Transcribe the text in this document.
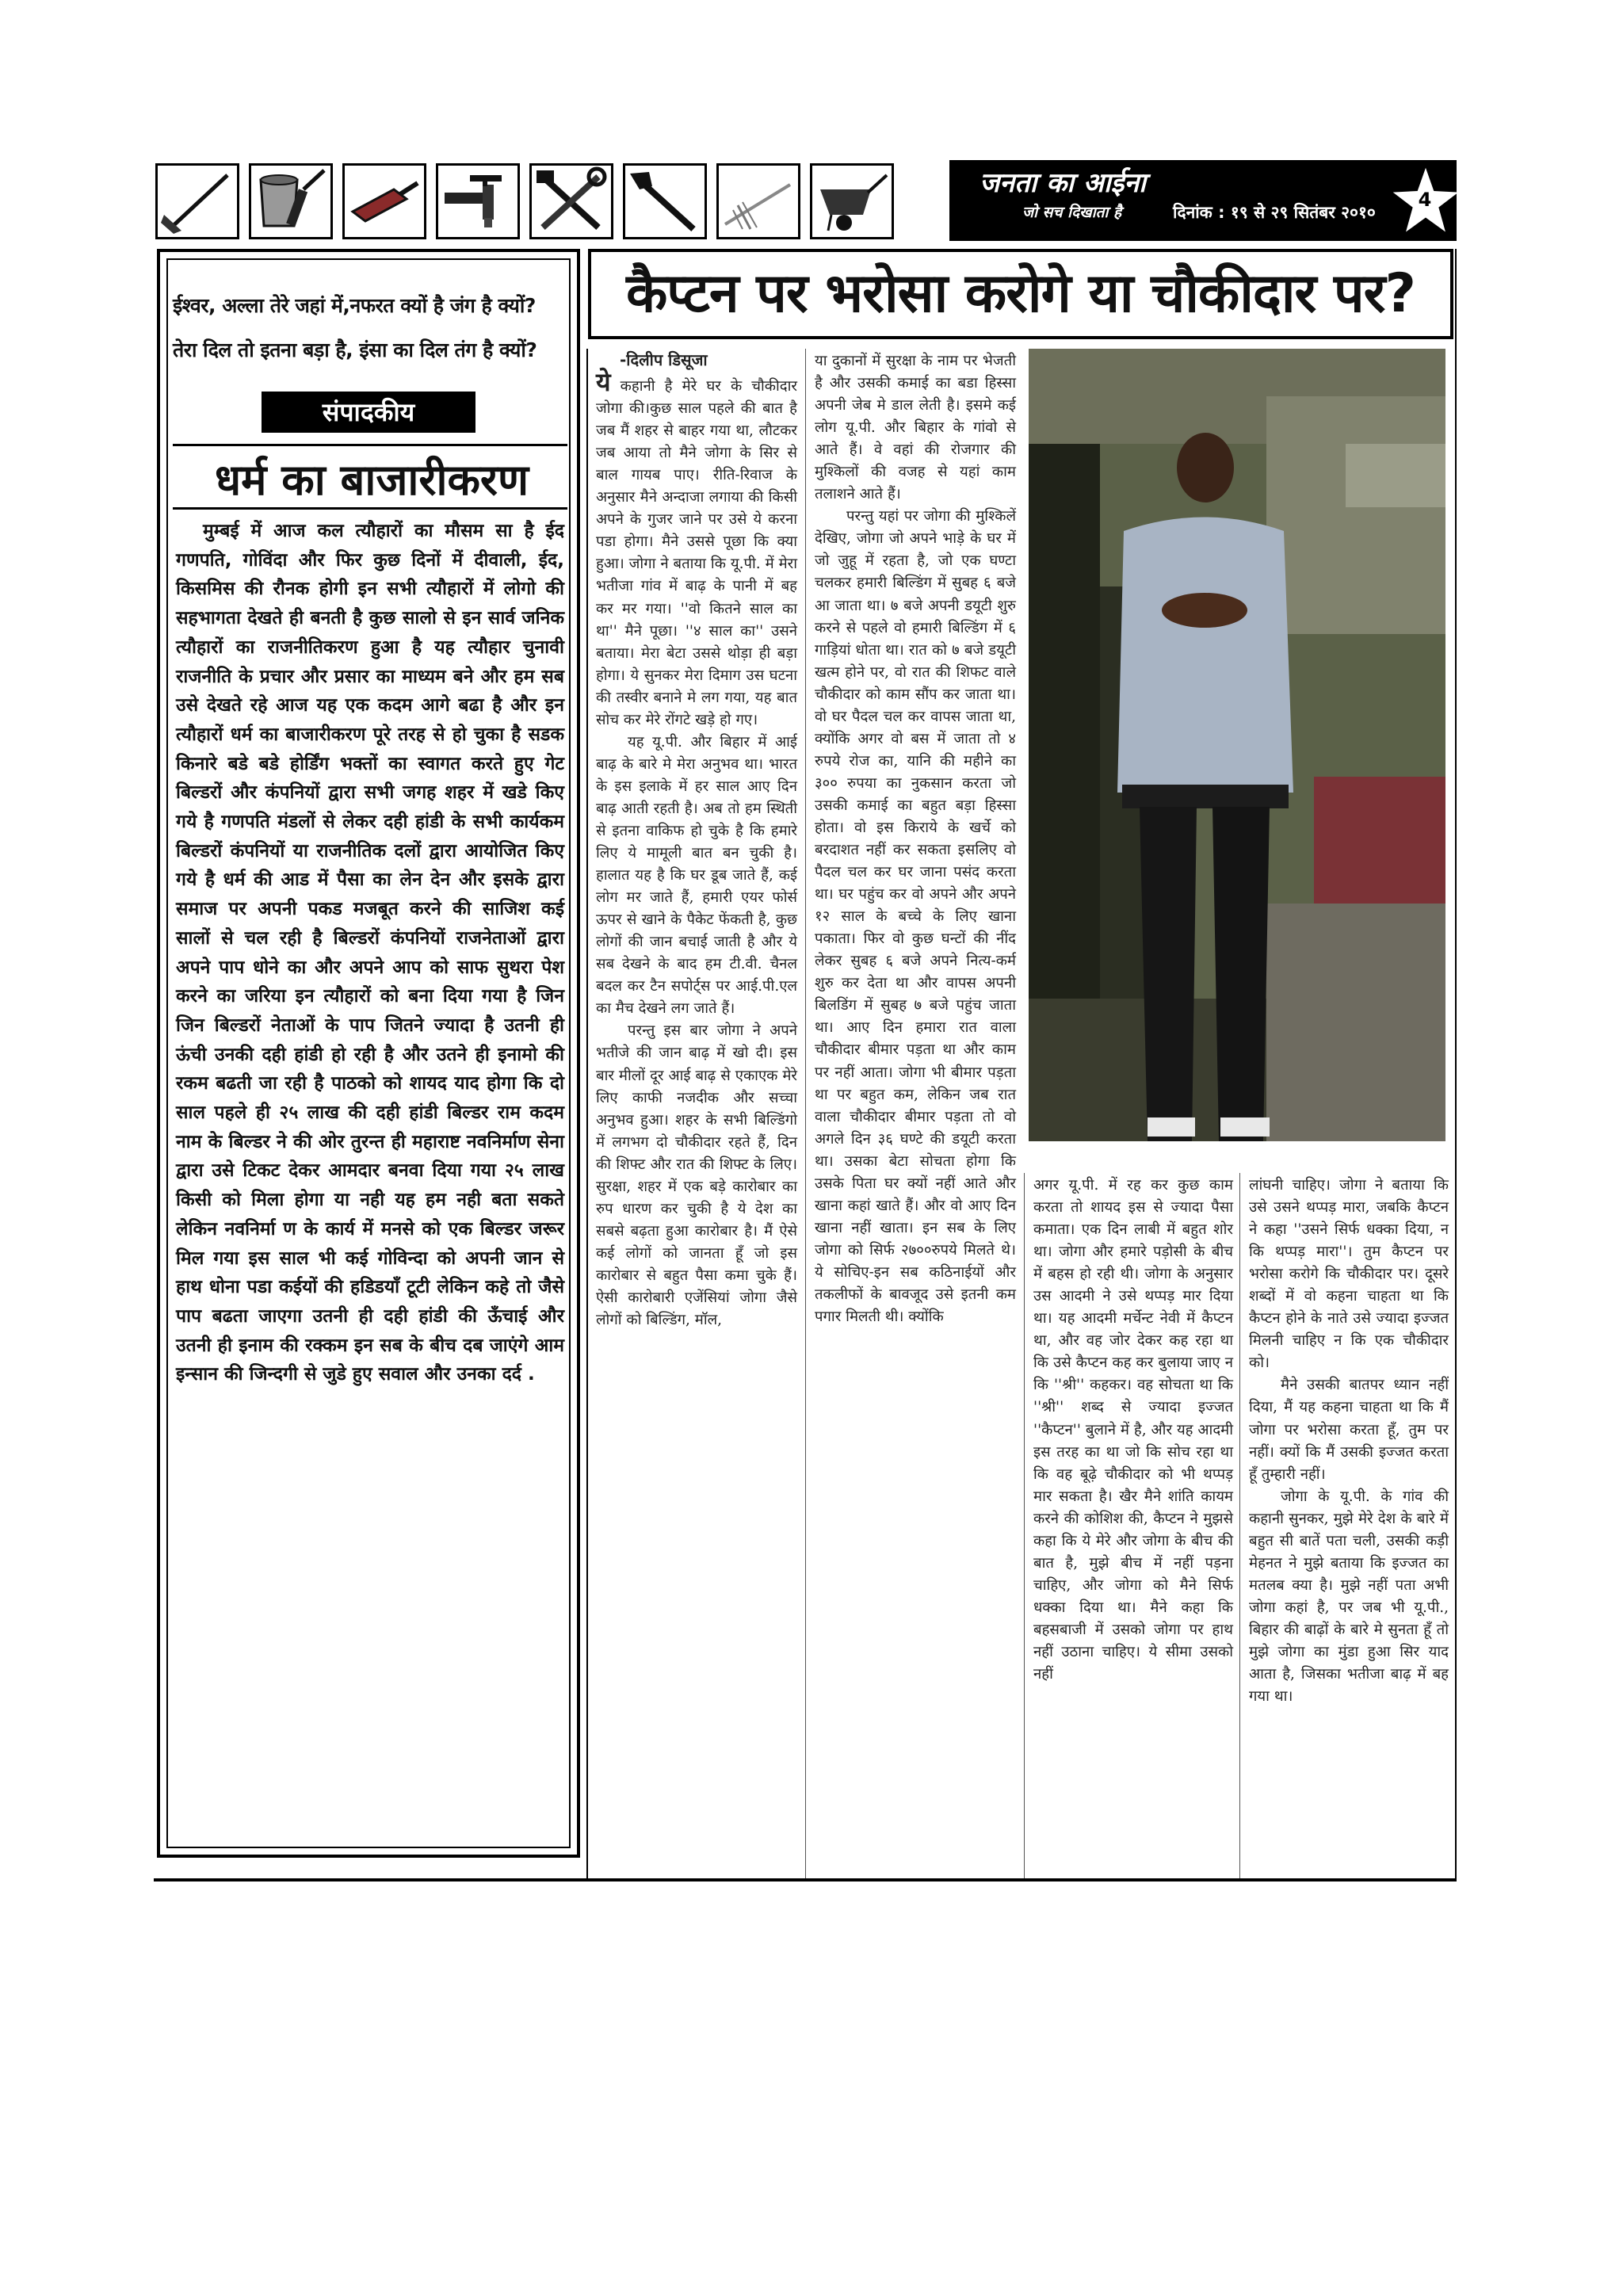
जनता का आईना
जो सच दिखाता है	दिनांक : १९ से २९ सितंबर २०१०
4
ईश्वर, अल्ला तेरे जहां में,नफरत क्यों है जंग है क्यों?
तेरा दिल तो इतना बड़ा है, इंसा का दिल तंग है क्यों?
संपादकीय
धर्म का बाजारीकरण

मुम्बई में आज कल त्यौहारों का मौसम सा है ईद गणपति, गोविंदा और फिर कुछ दिनों में दीवाली, ईद, किसमिस की रौनक होगी इन सभी त्यौहारों में लोगो की सहभागता देखते ही बनती है कुछ सालो से इन सार्व जनिक त्यौहारों का राजनीतिकरण हुआ है यह त्यौहार चुनावी राजनीति के प्रचार और प्रसार का माध्यम बने और हम सब उसे देखते रहे आज यह एक कदम आगे बढा है और इन त्यौहारों धर्म का बाजारीकरण पूरे तरह से हो चुका है सडक किनारे बडे बडे होर्डिंग भक्तों का स्वागत करते हुए गेट बिल्डरों और कंपनियों द्वारा सभी जगह शहर में खडे किए गये है गणपति मंडलों से लेकर दही हांडी के सभी कार्यकम बिल्डरों कंपनियों या राजनीतिक दलों द्वारा आयोजित किए गये है धर्म की आड में पैसा का लेन देन और इसके द्वारा समाज पर अपनी पकड मजबूत करने की साजिश कई सालों से चल रही है बिल्डरों कंपनियों राजनेताओं द्वारा अपने पाप धोने का और अपने आप को साफ सुथरा पेश करने का जरिया इन त्यौहारों को बना दिया गया है जिन जिन बिल्डरों नेताओं के पाप जितने ज्यादा है उतनी ही ऊंची उनकी दही हांडी हो रही है और उतने ही इनामो की रकम बढती जा रही है पाठको को शायद याद होगा कि दो साल पहले ही २५ लाख की दही हांडी बिल्डर राम कदम नाम के बिल्डर ने की ओर तुरन्त ही महाराष्ट नवनिर्माण सेना द्वारा उसे टिकट देकर आमदार बनवा दिया गया २५ लाख किसी को मिला होगा या नही यह हम नही बता सकते लेकिन नवनिर्मा ण के कार्य में मनसे को एक बिल्डर जरूर मिल गया इस साल भी कई गोविन्दा को अपनी जान से हाथ धोना पडा कईयों की हडिडयॉं टूटी लेकिन कहे तो जैसे पाप बढता जाएगा उतनी ही दही हांडी की ऊँचाई और उतनी ही इनाम की रक्कम इन सब के बीच दब जाएंगे आम इन्सान की जिन्दगी से जुडे हुए सवाल और उनका दर्द .

कैप्टन पर भरोसा करोगे या चौकीदार पर?

-दिलीप डिसूजा

ये कहानी है मेरे घर के चौकीदार जोगा की।कुछ साल पहले की बात है जब मैं शहर से बाहर गया था, लौटकर जब आया तो मैने जोगा के सिर से बाल गायब पाए। रीति-रिवाज के अनुसार मैने अन्दाजा लगाया की किसी अपने के गुजर जाने पर उसे ये करना पडा होगा। मैने उससे पूछा कि क्या हुआ। जोगा ने बताया कि यू.पी. में मेरा भतीजा गांव में बाढ़ के पानी में बह कर मर गया। ''वो कितने साल का था'' मैने पूछा। ''४ साल का'' उसने बताया। मेरा बेटा उससे थोड़ा ही बड़ा होगा। ये सुनकर मेरा दिमाग उस घटना की तस्वीर बनाने मे लग गया, यह बात सोच कर मेरे रोंगटे खड़े हो गए।

यह यू.पी. और बिहार में आई बाढ़ के बारे मे मेरा अनुभव था। भारत के इस इलाके में हर साल आए दिन बाढ़ आती रहती है। अब तो हम स्थिती से इतना वाकिफ हो चुके है कि हमारे लिए ये मामूली बात बन चुकी है। हालात यह है कि घर डूब जाते हैं, कई लोग मर जाते हैं, हमारी एयर फोर्स ऊपर से खाने के पैकेट फेंकती है, कुछ लोगों की जान बचाई जाती है और ये सब देखने के बाद हम टी.वी. चैनल बदल कर टैन सपोर्ट्स पर आई.पी.एल का मैच देखने लग जाते हैं।

परन्तु इस बार जोगा ने अपने भतीजे की जान बाढ़ में खो दी। इस बार मीलों दूर आई बाढ़ से एकाएक मेरे लिए काफी नजदीक और सच्चा अनुभव हुआ। शहर के सभी बिल्डिंगो में लगभग दो चौकीदार रहते हैं, दिन की शिफ्ट और रात की शिफ्ट के लिए। सुरक्षा, शहर में एक बड़े कारोबार का रुप धारण कर चुकी है ये देश का सबसे बढ़ता हुआ कारोबार है। मैं ऐसे कई लोगों को जानता हूँ जो इस कारोबार से बहुत पैसा कमा चुके हैं। ऐसी कारोबारी एजेंसियां जोगा जैसे लोगों को बिल्डिंग, मॉल,

या दुकानों में सुरक्षा के नाम पर भेजती है और उसकी कमाई का बडा हिस्सा अपनी जेब मे डाल लेती है। इसमे कई लोग यू.पी. और बिहार के गांवो से आते हैं। वे वहां की रोजगार की मुश्किलों की वजह से यहां काम तलाशने आते हैं।

परन्तु यहां पर जोगा की मुश्किलें देखिए, जोगा जो अपने भाड़े के घर में जो जुहू में रहता है, जो एक घण्टा चलकर हमारी बिल्डिंग में सुबह ६ बजे आ जाता था। ७ बजे अपनी डयूटी शुरु करने से पहले वो हमारी बिल्डिंग में ६ गाड़ियां धोता था। रात को ७ बजे डयूटी खत्म होने पर, वो रात की शिफट वाले चौकीदार को काम सौंप कर जाता था। वो घर पैदल चल कर वापस जाता था, क्योंकि अगर वो बस में जाता तो ४ रुपये रोज का, यानि की महीने का ३०० रुपया का नुकसान करता जो उसकी कमाई का बहुत बड़ा हिस्सा होता। वो इस किराये के खर्चे को बरदाशत नहीं कर सकता इसलिए वो पैदल चल कर घर जाना पसंद करता था। घर पहुंच कर वो अपने और अपने १२ साल के बच्चे के लिए खाना पकाता। फिर वो कुछ घन्टों की नींद लेकर सुबह ६ बजे अपने नित्य-कर्म शुरु कर देता था और वापस अपनी बिलडिंग में सुबह ७ बजे पहुंच जाता था। आए दिन हमारा रात वाला चौकीदार बीमार पड़ता था और काम पर नहीं आता। जोगा भी बीमार पड़ता था पर बहुत कम, लेकिन जब रात वाला चौकीदार बीमार पड़ता तो वो अगले दिन ३६ घण्टे की डयूटी करता था। उसका बेटा सोचता होगा कि उसके पिता घर क्यों नहीं आते और खाना कहां खाते हैं। और वो आए दिन खाना नहीं खाता। इन सब के लिए जोगा को सिर्फ २७००रुपये मिलते थे। ये सोचिए-इन सब कठिनाईयों और तकलीफों के बावजूद उसे इतनी कम पगार मिलती थी। क्योंकि

अगर यू.पी. में रह कर कुछ काम करता तो शायद इस से ज्यादा पैसा कमाता। एक दिन लाबी में बहुत शोर था। जोगा और हमारे पड़ोसी के बीच में बहस हो रही थी। जोगा के अनुसार उस आदमी ने उसे थप्पड़ मार दिया था। यह आदमी मर्चेन्ट नेवी में कैप्टन था, और वह जोर देकर कह रहा था कि उसे कैप्टन कह कर बुलाया जाए न कि ''श्री'' कहकर। वह सोचता था कि ''श्री'' शब्द से ज्यादा इज्जत ''कैप्टन'' बुलाने में है, और यह आदमी इस तरह का था जो कि सोच रहा था कि वह बूढ़े चौकीदार को भी थप्पड़ मार सकता है। खैर मैने शांति कायम करने की कोशिश की, कैप्टन ने मुझसे कहा कि ये मेरे और जोगा के बीच की बात है, मुझे बीच में नहीं पड़ना चाहिए, और जोगा को मैने सिर्फ धक्का दिया था। मैने कहा कि बहसबाजी में उसको जोगा पर हाथ नहीं उठाना चाहिए। ये सीमा उसको नहीं

लांघनी चाहिए। जोगा ने बताया कि उसे उसने थप्पड़ मारा, जबकि कैप्टन ने कहा ''उसने सिर्फ धक्का दिया, न कि थप्पड़ मारा''। तुम कैप्टन पर भरोसा करोगे कि चौकीदार पर। दूसरे शब्दों में वो कहना चाहता था कि कैप्टन होने के नाते उसे ज्यादा इज्जत मिलनी चाहिए न कि एक चौकीदार को।

मैने उसकी बातपर ध्यान नहीं दिया, मैं यह कहना चाहता था कि मैं जोगा पर भरोसा करता हूँ, तुम पर नहीं। क्यों कि मैं उसकी इज्जत करता हूँ तुम्हारी नहीं।

जोगा के यू.पी. के गांव की कहानी सुनकर, मुझे मेरे देश के बारे में बहुत सी बातें पता चली, उसकी कड़ी मेहनत ने मुझे बताया कि इज्जत का मतलब क्या है। मुझे नहीं पता अभी जोगा कहां है, पर जब भी यू.पी., बिहार की बाढ़ों के बारे मे सुनता हूँ तो मुझे जोगा का मुंडा हुआ सिर याद आता है, जिसका भतीजा बाढ़ में बह गया था।
